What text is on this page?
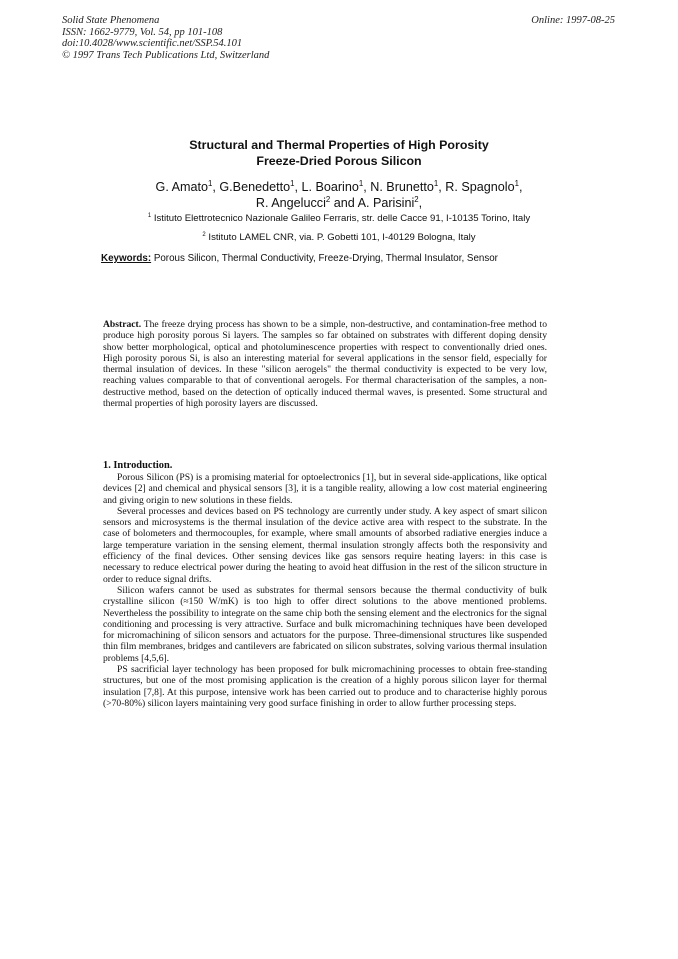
Solid State Phenomena
ISSN: 1662-9779, Vol. 54, pp 101-108
doi:10.4028/www.scientific.net/SSP.54.101
© 1997 Trans Tech Publications Ltd, Switzerland
Online: 1997-08-25
Structural and Thermal Properties of High Porosity
Freeze-Dried Porous Silicon
G. Amato$^1$, G.Benedetto$^1$, L. Boarino$^1$, N. Brunetto$^1$, R. Spagnolo$^1$,
R. Angelucci$^2$ and A. Parisini$^2$,
$^1$ Istituto Elettrotecnico Nazionale Galileo Ferraris, str. delle Cacce 91, I-10135 Torino, Italy
$^2$ Istituto LAMEL CNR, via. P. Gobetti 101, I-40129 Bologna, Italy
Keywords: Porous Silicon, Thermal Conductivity, Freeze-Drying, Thermal Insulator, Sensor
Abstract. The freeze drying process has shown to be a simple, non-destructive, and contamination-free method to produce high porosity porous Si layers. The samples so far obtained on substrates with different doping density show better morphological, optical and photoluminescence properties with respect to conventionally dried ones. High porosity porous Si, is also an interesting material for several applications in the sensor field, especially for thermal insulation of devices. In these "silicon aerogels" the thermal conductivity is expected to be very low, reaching values comparable to that of conventional aerogels. For thermal characterisation of the samples, a non-destructive method, based on the detection of optically induced thermal waves, is presented. Some structural and thermal properties of high porosity layers are discussed.
1. Introduction.

Porous Silicon (PS) is a promising material for optoelectronics [1], but in several side-applications, like optical devices [2] and chemical and physical sensors [3], it is a tangible reality, allowing a low cost material engineering and giving origin to new solutions in these fields.

Several processes and devices based on PS technology are currently under study. A key aspect of smart silicon sensors and microsystems is the thermal insulation of the device active area with respect to the substrate. In the case of bolometers and thermocouples, for example, where small amounts of absorbed radiative energies induce a large temperature variation in the sensing element, thermal insulation strongly affects both the responsivity and efficiency of the final devices. Other sensing devices like gas sensors require heating layers: in this case is necessary to reduce electrical power during the heating to avoid heat diffusion in the rest of the silicon structure in order to reduce signal drifts.

Silicon wafers cannot be used as substrates for thermal sensors because the thermal conductivity of bulk crystalline silicon (≈150 W/mK) is too high to offer direct solutions to the above mentioned problems. Nevertheless the possibility to integrate on the same chip both the sensing element and the electronics for the signal conditioning and processing is very attractive. Surface and bulk micromachining techniques have been developed for micromachining of silicon sensors and actuators for the purpose. Three-dimensional structures like suspended thin film membranes, bridges and cantilevers are fabricated on silicon substrates, solving various thermal insulation problems [4,5,6].

PS sacrificial layer technology has been proposed for bulk micromachining processes to obtain free-standing structures, but one of the most promising application is the creation of a highly porous silicon layer for thermal insulation [7,8]. At this purpose, intensive work has been carried out to produce and to characterise highly porous (>70-80%) silicon layers maintaining very good surface finishing in order to allow further processing steps.
